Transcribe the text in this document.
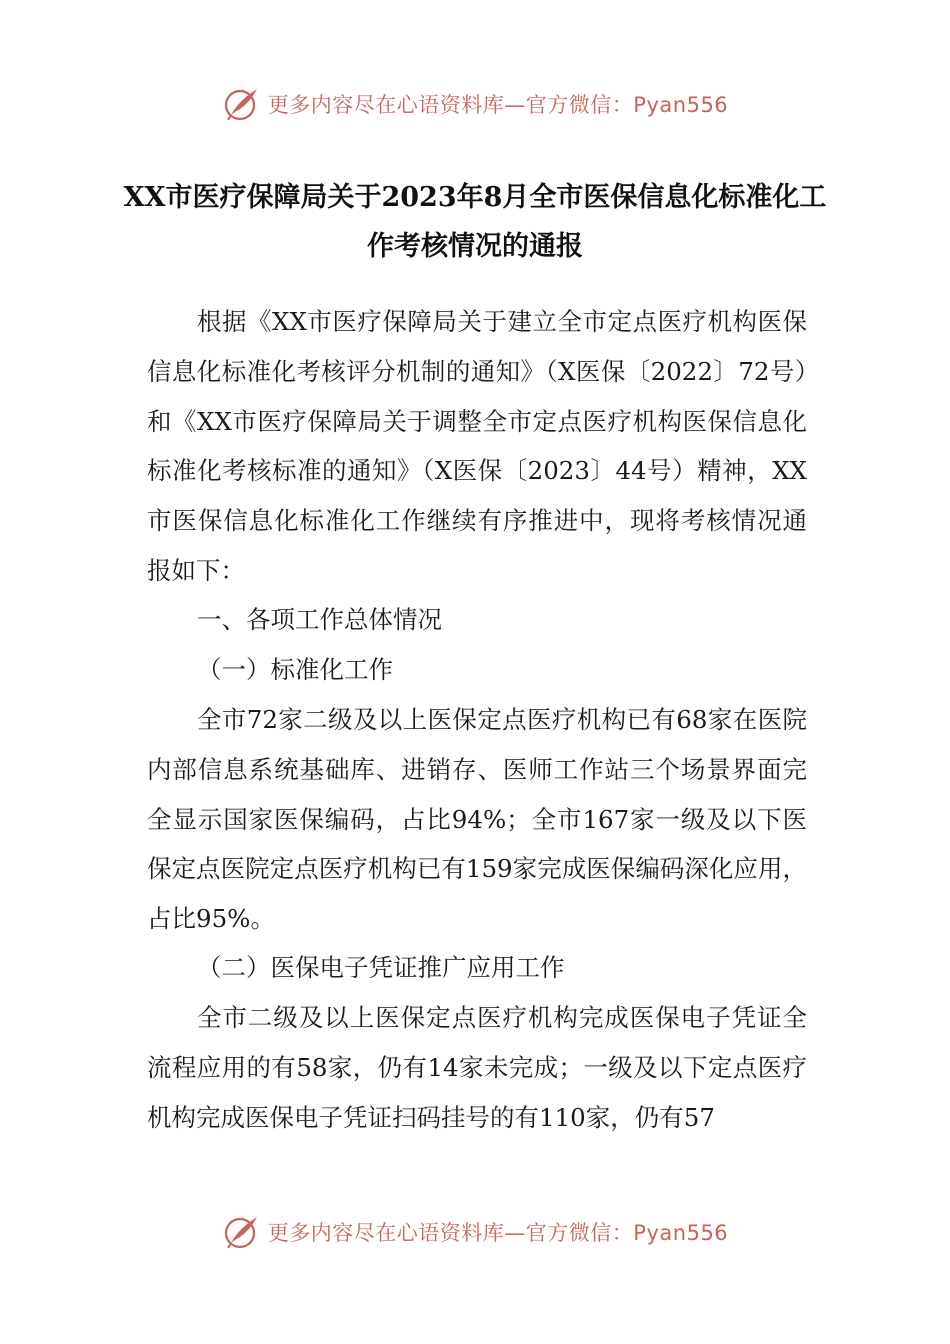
更多内容尽在心语资料库—官方微信：Pyan556
XX市医疗保障局关于2023年8月全市医保信息化标准化工
作考核情况的通报
根据《XX市医疗保障局关于建立全市定点医疗机构医保信息化标准化考核评分机制的通知》（X医保〔2022〕72号）和《XX市医疗保障局关于调整全市定点医疗机构医保信息化标准化考核标准的通知》（X医保〔2023〕44号）精神，XX市医保信息化标准化工作继续有序推进中，现将考核情况通报如下：
一、各项工作总体情况
（一）标准化工作
全市72家二级及以上医保定点医疗机构已有68家在医院内部信息系统基础库、进销存、医师工作站三个场景界面完全显示国家医保编码，占比94%；全市167家一级及以下医保定点医院定点医疗机构已有159家完成医保编码深化应用，占比95%。
（二）医保电子凭证推广应用工作
全市二级及以上医保定点医疗机构完成医保电子凭证全流程应用的有58家，仍有14家未完成；一级及以下定点医疗机构完成医保电子凭证扫码挂号的有110家，仍有57
更多内容尽在心语资料库—官方微信：Pyan556
